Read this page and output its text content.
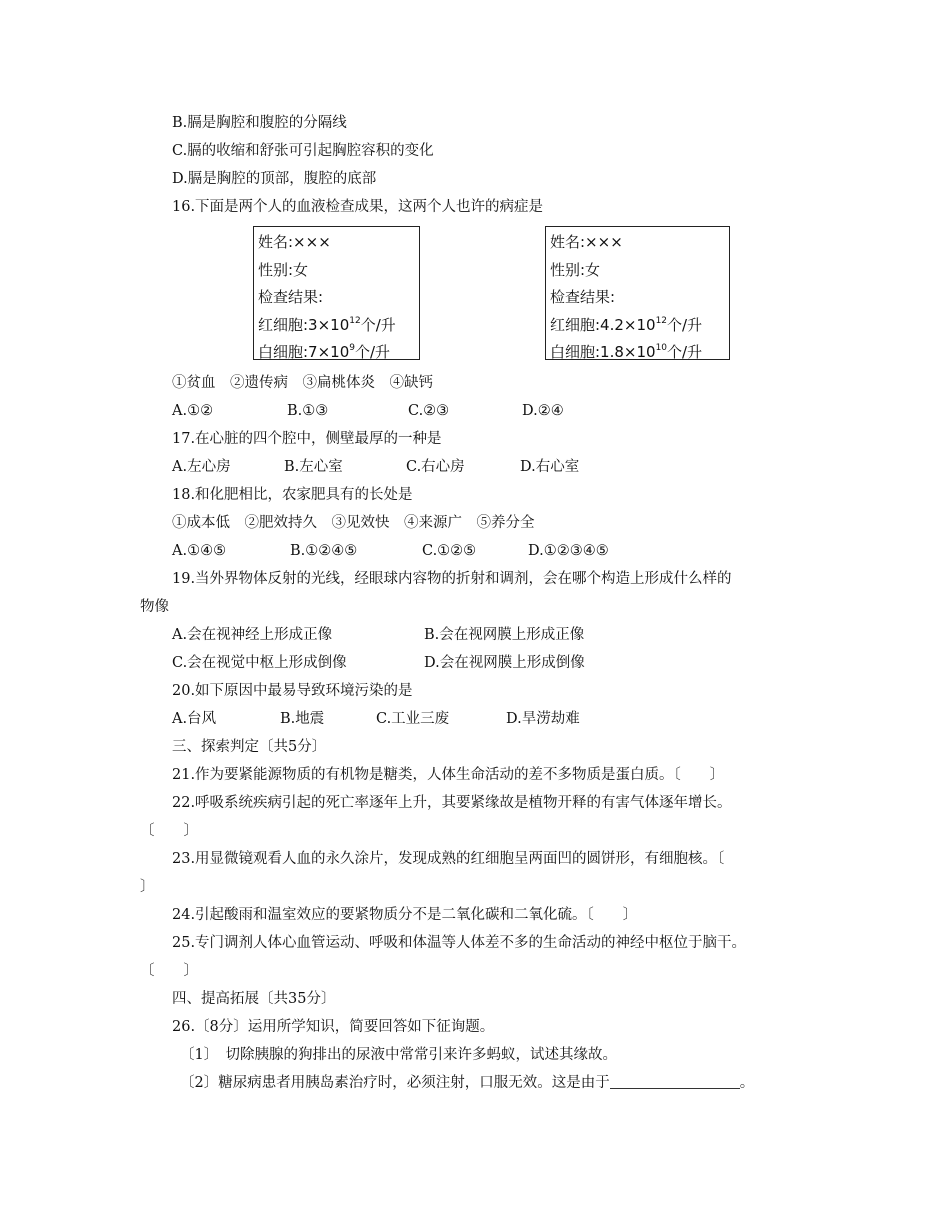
B.膈是胸腔和腹腔的分隔线
C.膈的收缩和舒张可引起胸腔容积的变化
D.膈是胸腔的顶部，腹腔的底部
16.下面是两个人的血液检查成果，这两个人也许的病症是
姓名:×××
性别:女
检查结果:
红细胞$:3\times 10^{12}$个/升
白细胞$:7\times 10^9$个/升
姓名:×××
性别:女
检查结果:
红细胞$:4.2\times 10^{12}$个/升
白细胞$:1.8\times 10^{10}$个/升
①贫血　②遗传病　③扁桃体炎　④缺钙
A.①②	B.①③	C.②③	D.②④
17.在心脏的四个腔中，侧壁最厚的一种是
A.左心房	B.左心室	C.右心房	D.右心室
18.和化肥相比，农家肥具有的长处是
①成本低　②肥效持久　③见效快　④来源广　⑤养分全
A.①④⑤	B.①②④⑤	C.①②⑤	D.①②③④⑤
19.当外界物体反射的光线，经眼球内容物的折射和调剂，会在哪个构造上形成什么样的
物像
A.会在视神经上形成正像	B.会在视网膜上形成正像
C.会在视觉中枢上形成倒像	D.会在视网膜上形成倒像
20.如下原因中最易导致环境污染的是
A.台风	B.地震	C.工业三废	D.旱涝劫难
三、探索判定〔共5分〕
21.作为要紧能源物质的有机物是糖类，人体生命活动的差不多物质是蛋白质。〔　　〕
22.呼吸系统疾病引起的死亡率逐年上升，其要紧缘故是植物开释的有害气体逐年增长。
〔　　〕
23.用显微镜观看人血的永久涂片，发现成熟的红细胞呈两面凹的圆饼形，有细胞核。〔
〕
24.引起酸雨和温室效应的要紧物质分不是二氧化碳和二氧化硫。〔　　〕
25.专门调剂人体心血管运动、呼吸和体温等人体差不多的生命活动的神经中枢位于脑干。
〔　　〕
四、提高拓展〔共35分〕
26.〔8分〕运用所学知识，简要回答如下征询题。
〔1〕　切除胰腺的狗排出的尿液中常常引来许多蚂蚁，试述其缘故。
〔2〕糖尿病患者用胰岛素治疗时，必须注射，口服无效。这是由于	。
